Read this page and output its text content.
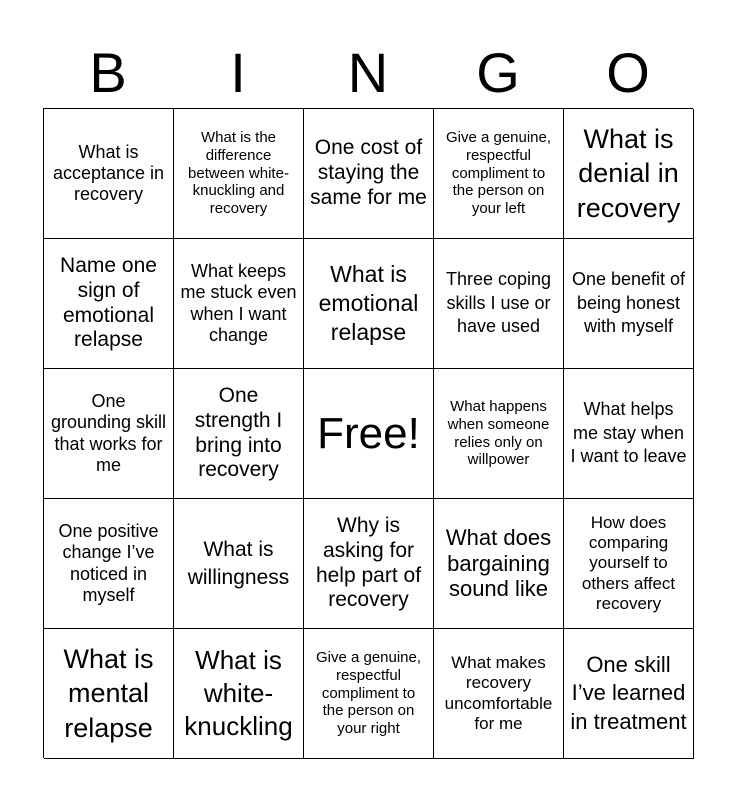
B	I	N	G	O
What is acceptance in recovery
What is the difference between white-knuckling and recovery
One cost of staying the same for me
Give a genuine, respectful compliment to the person on your left
What is denial in recovery
Name one sign of emotional relapse
What keeps me stuck even when I want change
What is emotional relapse
Three coping skills I use or have used
One benefit of being honest with myself
One grounding skill that works for me
One strength I bring into recovery
Free!
What happens when someone relies only on willpower
What helps me stay when I want to leave
One positive change I’ve noticed in myself
What is willingness
Why is asking for help part of recovery
What does bargaining sound like
How does comparing yourself to others affect recovery
What is mental relapse
What is white-knuckling
Give a genuine, respectful compliment to the person on your right
What makes recovery uncomfortable for me
One skill I’ve learned in treatment
